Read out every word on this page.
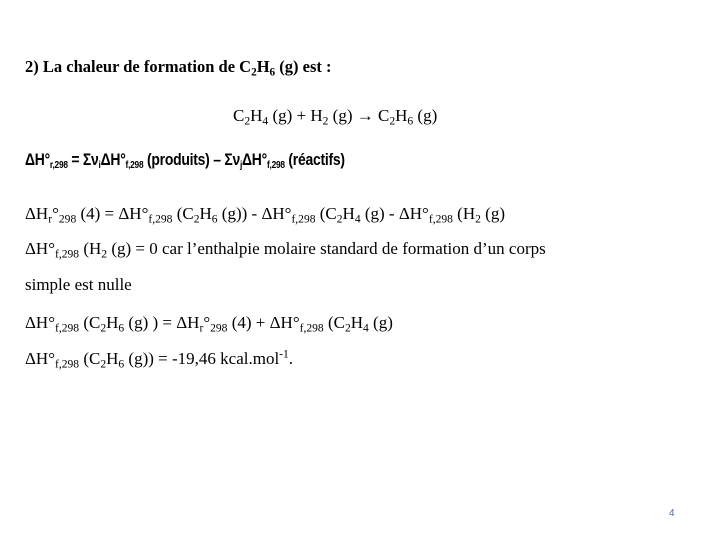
2) La chaleur de formation de $C_2H_6$ (g) est :
$C_2H_4$ $(g) + H_2$ $(g) \to C_2H_6$ (g)
$\Delta H^\circ_{r,298} = \Sigma\nu_i\Delta H^\circ_{f,298}$ (produits) – $\Sigma\nu_j\Delta H^\circ_{f,298}$ (réactifs)
$\Delta H_r^\circ_{298}$ $(4) = \Delta H^\circ_{f,298}$ ($C_2H_6$ $(g)) - \Delta H^\circ_{f,298}$ ($C_2H_4$ $(g) - \Delta H^\circ_{f,298}$ ($H_2$ (g)
$\Delta H^\circ_{f,298}$ ($H_2$ (g) = 0 car l’enthalpie molaire standard de formation d’un corps
simple est nulle
$\Delta H^\circ_{f,298}$ ($C_2H_6$ (g) ) = $\Delta H_r^\circ_{298}$ $(4) + \Delta H^\circ_{f,298}$ ($C_2H_4$ (g)
$\Delta H^\circ_{f,298}$ ($C_2H_6$ (g)) = -19,46 kcal.mol$^{-1}$.
4
